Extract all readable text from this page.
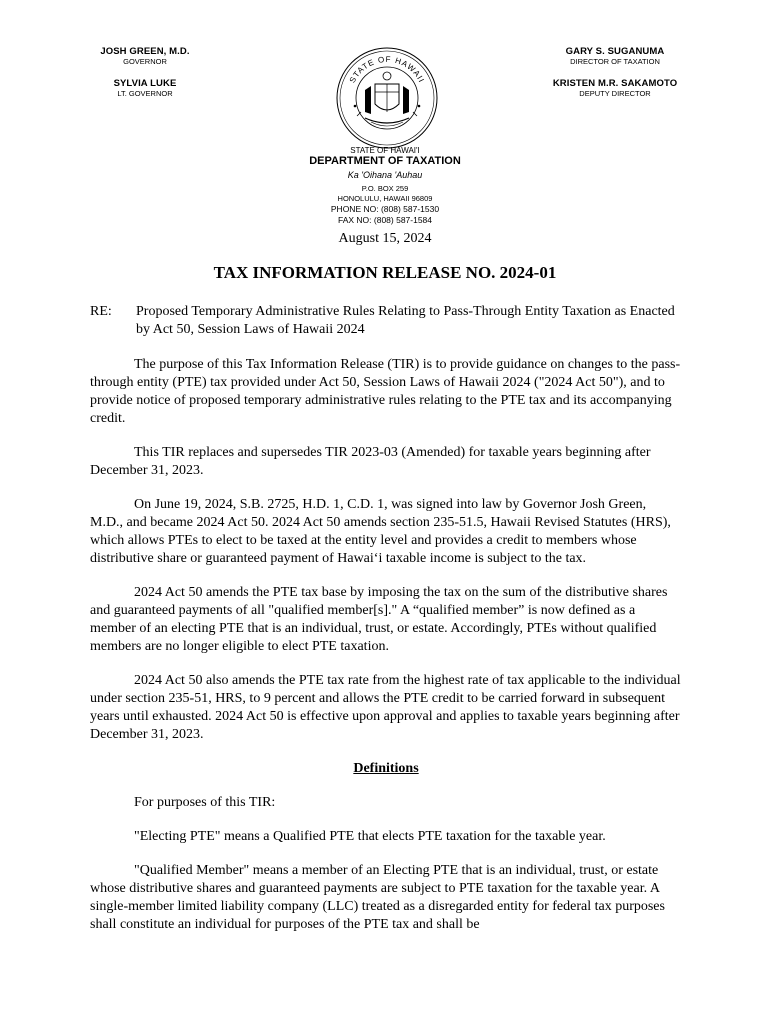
JOSH GREEN, M.D.
GOVERNOR
SYLVIA LUKE
LT. GOVERNOR
GARY S. SUGANUMA
DIRECTOR OF TAXATION
KRISTEN M.R. SAKAMOTO
DEPUTY DIRECTOR
STATE OF HAWAII
STATE OF HAWAI'I
DEPARTMENT OF TAXATION
Ka 'Oihana 'Auhau
P.O. BOX 259
HONOLULU, HAWAII 96809
PHONE NO: (808) 587-1530
FAX NO: (808) 587-1584
August 15, 2024
TAX INFORMATION RELEASE NO. 2024-01
RE: Proposed Temporary Administrative Rules Relating to Pass-Through Entity Taxation as Enacted by Act 50, Session Laws of Hawaii 2024

The purpose of this Tax Information Release (TIR) is to provide guidance on changes to the pass-through entity (PTE) tax provided under Act 50, Session Laws of Hawaii 2024 ("2024 Act 50"), and to provide notice of proposed temporary administrative rules relating to the PTE tax and its accompanying credit.

This TIR replaces and supersedes TIR 2023-03 (Amended) for taxable years beginning after December 31, 2023.

On June 19, 2024, S.B. 2725, H.D. 1, C.D. 1, was signed into law by Governor Josh Green, M.D., and became 2024 Act 50. 2024 Act 50 amends section 235-51.5, Hawaii Revised Statutes (HRS), which allows PTEs to elect to be taxed at the entity level and provides a credit to members whose distributive share or guaranteed payment of Hawai‘i taxable income is subject to the tax.

2024 Act 50 amends the PTE tax base by imposing the tax on the sum of the distributive shares and guaranteed payments of all "qualified member[s]." A “qualified member” is now defined as a member of an electing PTE that is an individual, trust, or estate. Accordingly, PTEs without qualified members are no longer eligible to elect PTE taxation.

2024 Act 50 also amends the PTE tax rate from the highest rate of tax applicable to the individual under section 235-51, HRS, to 9 percent and allows the PTE credit to be carried forward in subsequent years until exhausted. 2024 Act 50 is effective upon approval and applies to taxable years beginning after December 31, 2023.

Definitions

For purposes of this TIR:

"Electing PTE" means a Qualified PTE that elects PTE taxation for the taxable year.

"Qualified Member" means a member of an Electing PTE that is an individual, trust, or estate whose distributive shares and guaranteed payments are subject to PTE taxation for the taxable year. A single-member limited liability company (LLC) treated as a disregarded entity for federal tax purposes shall constitute an individual for purposes of the PTE tax and shall be
